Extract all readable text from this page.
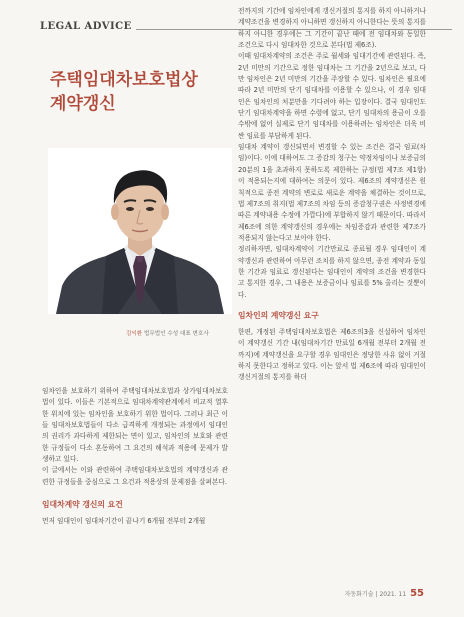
LEGAL ADVICE
주택임대차보호법상
계약갱신
김익환 법무법인 수성 대표 변호사

임차인을 보호하기 위하여 주택임대차보호법과 상가임대차보호법이 있다. 이들은 기본적으로 임대차계약관계에서 비교적 열후한 위치에 있는 임차인을 보호하기 위한 법이다. 그러나 최근 이들 임대차보호법들이 다소 급격하게 개정되는 과정에서 임대인의 권리가 과다하게 제한되는 면이 있고, 임차인의 보호와 관련한 규정들이 다소 혼동하여 그 요건의 해석과 적용에 문제가 발생하고 있다.

이 글에서는 이와 관련하여 주택임대차보호법의 계약갱신과 관련한 규정들을 중심으로 그 요건과 적용상의 문제점을 살펴본다.

임대차계약 갱신의 요건

먼저 임대인이 임대차기간이 끝나기 6개월 전부터 2개월

전까지의 기간에 임차인에게 갱신거절의 통지를 하지 아니하거나 계약조건을 변경하지 아니하면 갱신하지 아니한다는 뜻의 통지를 하지 아니한 경우에는 그 기간이 끝난 때에 전 임대차와 동일한 조건으로 다시 임대차한 것으로 본다(법 제6조).

이때 임대차계약의 조건은 주로 월세와 임대기간에 관련된다. 즉, 2년 미만의 기간으로 정한 임대차는 그 기간을 2년으로 보고, 다만 임차인은 2년 미만의 기간을 주장할 수 있다. 임차인은 필요에 따라 2년 미만의 단기 임대차를 이용할 수 있으나, 이 경우 임대인은 임차인의 처분만을 기다려야 하는 입장이다. 결국 임대인도 단기 임대차계약을 하면 수령에 없고, 단기 임대차의 용금이 오를 수밖에 없어 실제로 단기 임대차를 이용하려는 임차인은 더욱 비싼 임료를 부담하게 된다.

임대차 계약이 갱신되면서 변경할 수 있는 조건은 결국 임료(차임)이다. 이에 대하여도 그 증감의 청구는 약정차임이나 보증금의 20분의 1을 초과하지 못하도록 제한하는 규정(법 제7조 제1항)이 적용되는지에 대하여는 의문이 있다. 제6조의 계약갱신은 원칙적으로 종전 계약의 변로로 새로운 계약을 체결하는 것이므로, 법 제7조의 취지(법 제7조의 차임 등의 증감청구권은 사정변경에 따른 계약내용 수정에 가깝다)에 부합하지 않기 때문이다. 따라서 제6조에 의한 계약갱신의 경우에는 차임증감과 관련한 제7조가 적용되지 않는다고 보아야 한다.

정리하자면, 임대차계약이 기간만료로 종료될 경우 임대인이 계약갱신과 관련하여 아무런 조치를 하지 않으면, 종전 계약과 동일한 기간과 임료로 갱신된다는 임대인이 계약의 조건을 변경한다고 통지한 경우, 그 내용은 보증금이나 임료를 5% 올리는 것뿐이다.

임차인의 계약갱신 요구

한편, 개정된 주택임대차보호법은 제6조의3을 신설하여 임차인이 계약갱신 기간 내(임대차기간 만료일 6개월 전부터 2개월 전까지)에 계약갱신을 요구할 경우 임대인은 정당한 사유 없이 거절하지 못한다고 정하고 있다. 이는 앞서 법 제6조에 따라 임대인이 갱신거절의 통지를 하더

자동화기술 | 2021. 11 55
